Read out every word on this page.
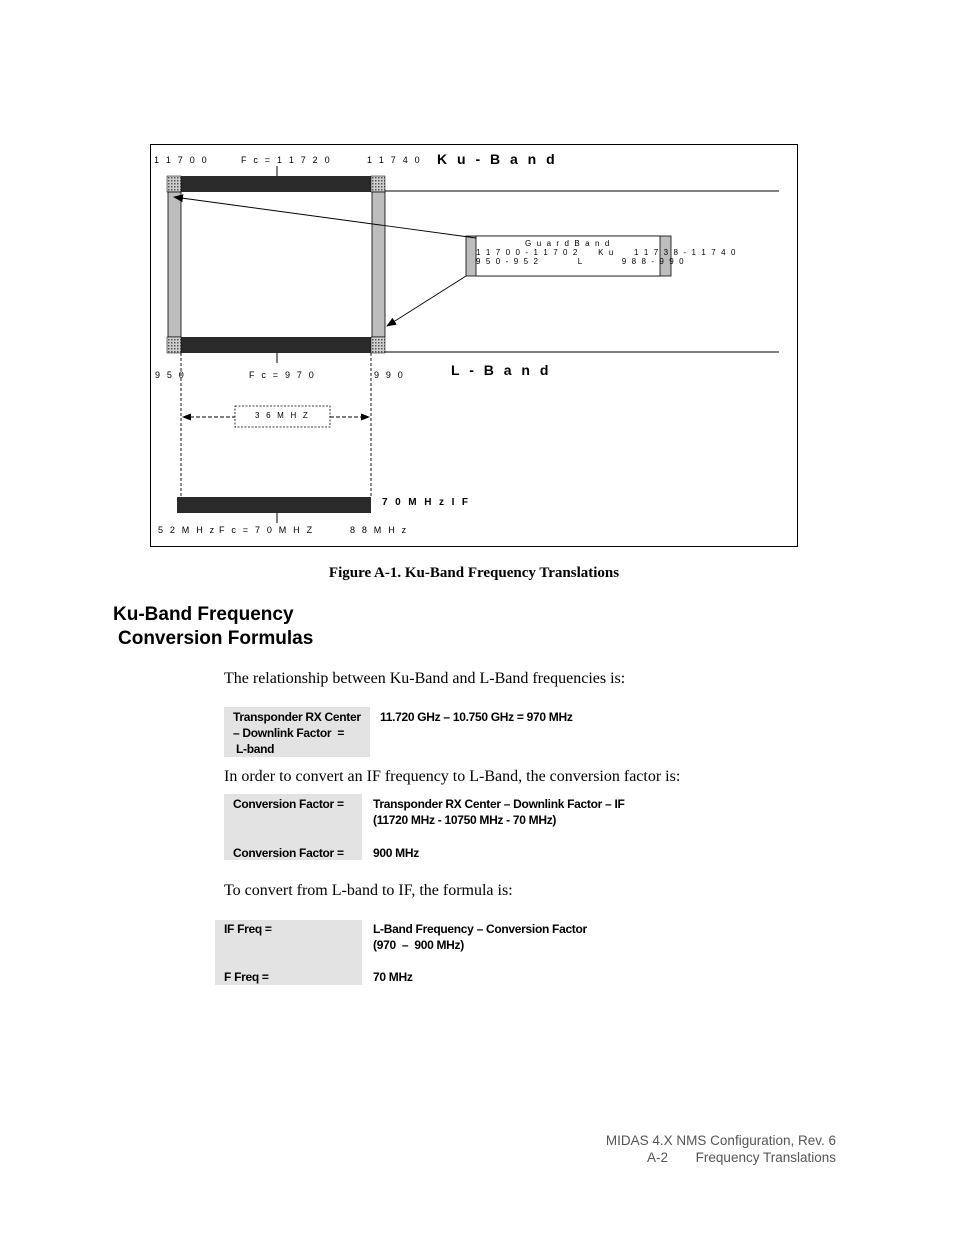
1 1 7 0 0	F c = 1 1 7 2 0	1 1 7 4 0 K u - B a n d
G u a r d B a n d
1 1 7 0 0 - 1 1 7 0 2     K u     1 1 7 3 8 - 1 1 7 4 0
9 5 0 - 9 5 2          L          9 8 8 - 9 9 0
9 5 0	F c = 9 7 0	9 9 0	L - B a n d
3 6 M H Z
7 0 M H z I F
5 2 M H z F c = 7 0 M H Z	8 8 M H z
Figure A-1. Ku-Band Frequency Translations
Ku-Band Frequency
Conversion Formulas
The relationship between Ku-Band and L-Band frequencies is:
Transponder RX Center
– Downlink Factor  =
L-band
11.720 GHz – 10.750 GHz = 970 MHz
In order to convert an IF frequency to L-Band, the conversion factor is:
Conversion Factor = Transponder RX Center – Downlink Factor – IF
(11720 MHz - 10750 MHz - 70 MHz)
Conversion Factor = 900 MHz
To convert from L-band to IF, the formula is:
IF Freq =	L-Band Frequency – Conversion Factor
(970  –  900 MHz)
F Freq =	70 MHz
MIDAS 4.X NMS Configuration, Rev. 6
A-2	Frequency Translations
